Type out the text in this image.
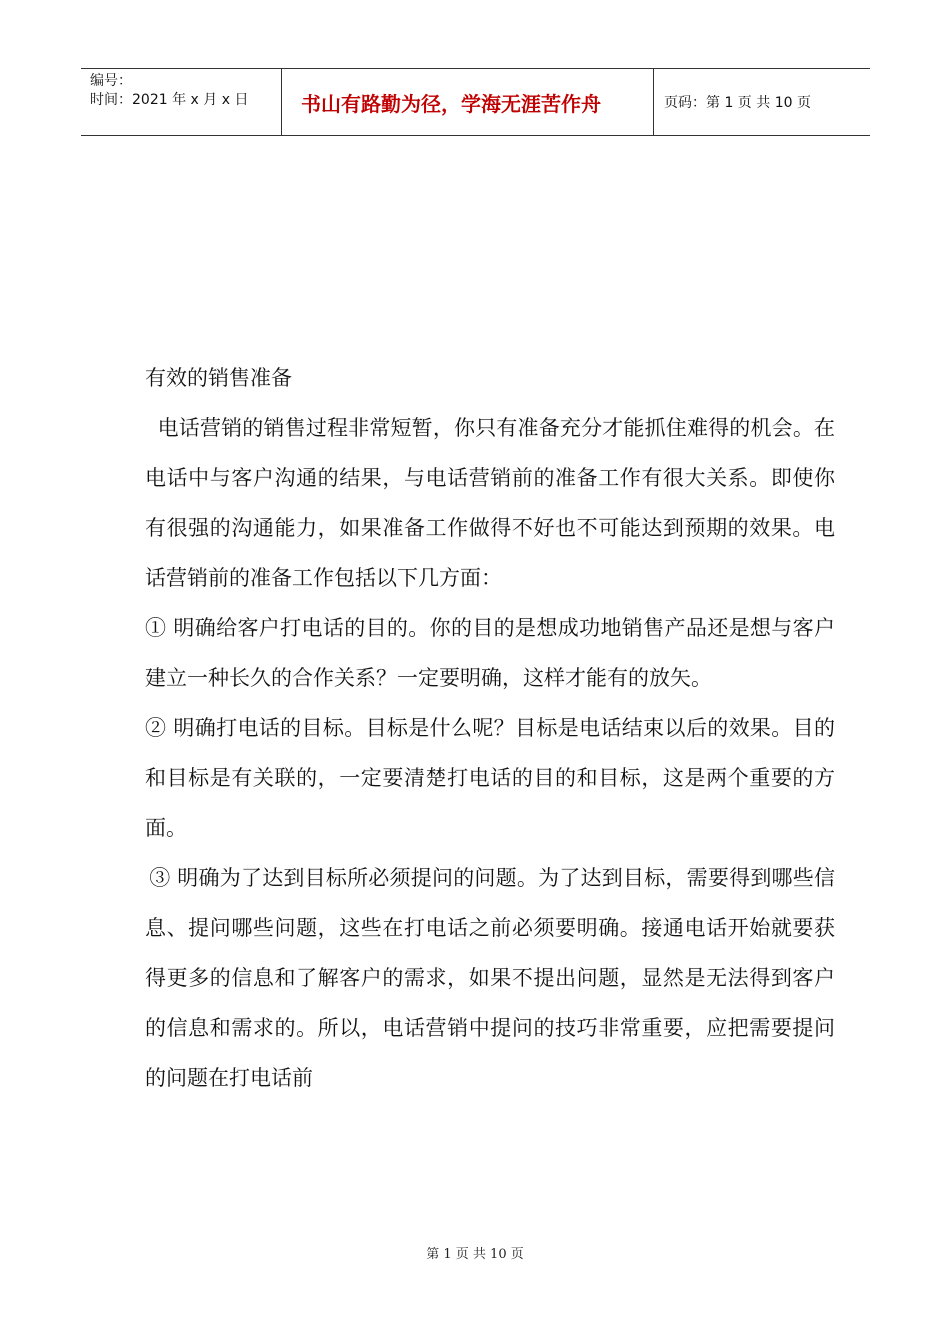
编号：
时间：2021 年 x 月 x 日	书山有路勤为径，学海无涯苦作舟	页码：第 1 页 共 10 页

有效的销售准备

电话营销的销售过程非常短暂，你只有准备充分才能抓住难得的机会。在电话中与客户沟通的结果，与电话营销前的准备工作有很大关系。即使你有很强的沟通能力，如果准备工作做得不好也不可能达到预期的效果。电话营销前的准备工作包括以下几方面：

① 明确给客户打电话的目的。你的目的是想成功地销售产品还是想与客户建立一种长久的合作关系？一定要明确，这样才能有的放矢。

② 明确打电话的目标。目标是什么呢？目标是电话结束以后的效果。目的和目标是有关联的，一定要清楚打电话的目的和目标，这是两个重要的方面。

③ 明确为了达到目标所必须提问的问题。为了达到目标，需要得到哪些信息、提问哪些问题，这些在打电话之前必须要明确。接通电话开始就要获得更多的信息和了解客户的需求，如果不提出问题，显然是无法得到客户的信息和需求的。所以，电话营销中提问的技巧非常重要，应把需要提问的问题在打电话前

第 1 页 共 10 页
